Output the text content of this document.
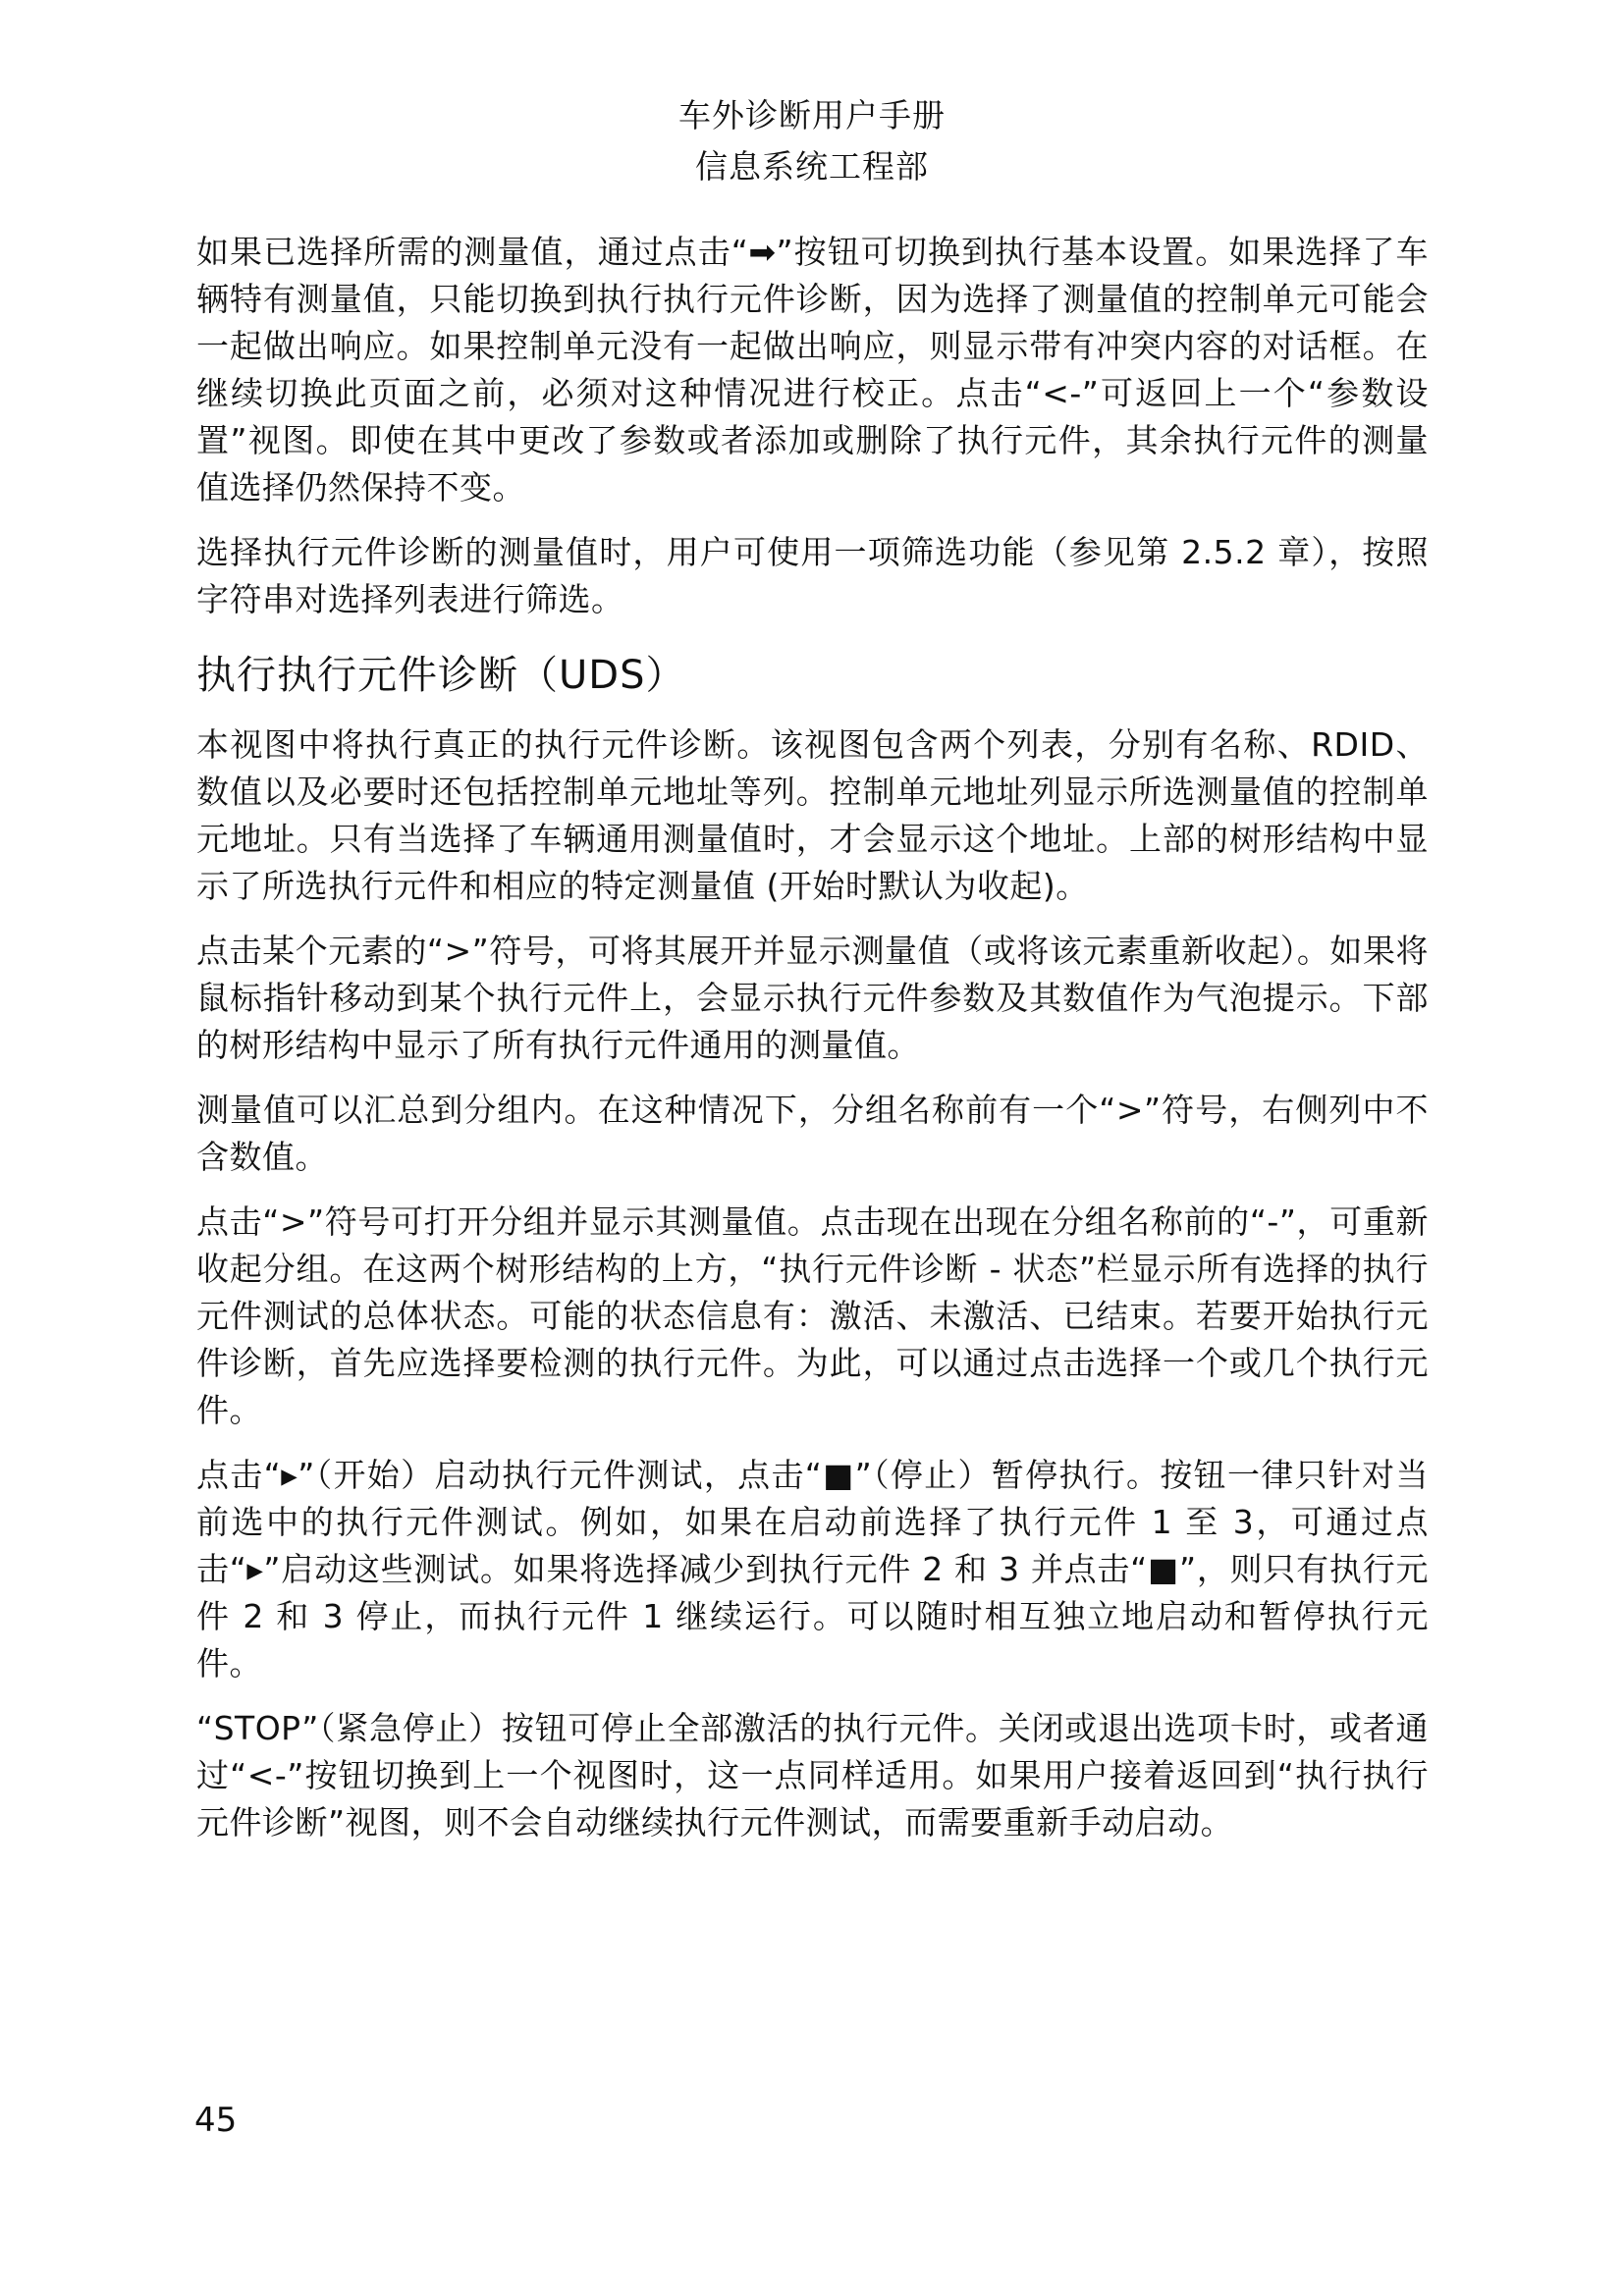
车外诊断用户手册
信息系统工程部

如果已选择所需的测量值，通过点击“➡”按钮可切换到执行基本设置。如果选择了车辆特有测量值，只能切换到执行执行元件诊断，因为选择了测量值的控制单元可能会一起做出响应。如果控制单元没有一起做出响应，则显示带有冲突内容的对话框。在继续切换此页面之前，必须对这种情况进行校正。点击“<-”可返回上一个“参数设置”视图。即使在其中更改了参数或者添加或删除了执行元件，其余执行元件的测量值选择仍然保持不变。

选择执行元件诊断的测量值时，用户可使用一项筛选功能（参见第 2.5.2 章），按照字符串对选择列表进行筛选。

执行执行元件诊断（UDS）

本视图中将执行真正的执行元件诊断。该视图包含两个列表，分别有名称、RDID、数值以及必要时还包括控制单元地址等列。控制单元地址列显示所选测量值的控制单元地址。只有当选择了车辆通用测量值时，才会显示这个地址。上部的树形结构中显示了所选执行元件和相应的特定测量值 (开始时默认为收起)。

点击某个元素的“>”符号，可将其展开并显示测量值（或将该元素重新收起）。如果将鼠标指针移动到某个执行元件上，会显示执行元件参数及其数值作为气泡提示。下部的树形结构中显示了所有执行元件通用的测量值。

测量值可以汇总到分组内。在这种情况下，分组名称前有一个“>”符号，右侧列中不含数值。

点击“>”符号可打开分组并显示其测量值。点击现在出现在分组名称前的“-”，可重新收起分组。在这两个树形结构的上方，“执行元件诊断 - 状态”栏显示所有选择的执行元件测试的总体状态。可能的状态信息有：激活、未激活、已结束。若要开始执行元件诊断，首先应选择要检测的执行元件。为此，可以通过点击选择一个或几个执行元件。

点击“▸”（开始）启动执行元件测试，点击“■”（停止）暂停执行。按钮一律只针对当前选中的执行元件测试。例如，如果在启动前选择了执行元件 1 至 3，可通过点击“▸”启动这些测试。如果将选择减少到执行元件 2 和 3 并点击“■”，则只有执行元件 2 和 3 停止，而执行元件 1 继续运行。可以随时相互独立地启动和暂停执行元件。

“STOP”（紧急停止）按钮可停止全部激活的执行元件。关闭或退出选项卡时，或者通过“<-”按钮切换到上一个视图时，这一点同样适用。如果用户接着返回到“执行执行元件诊断”视图，则不会自动继续执行元件测试，而需要重新手动启动。

45
